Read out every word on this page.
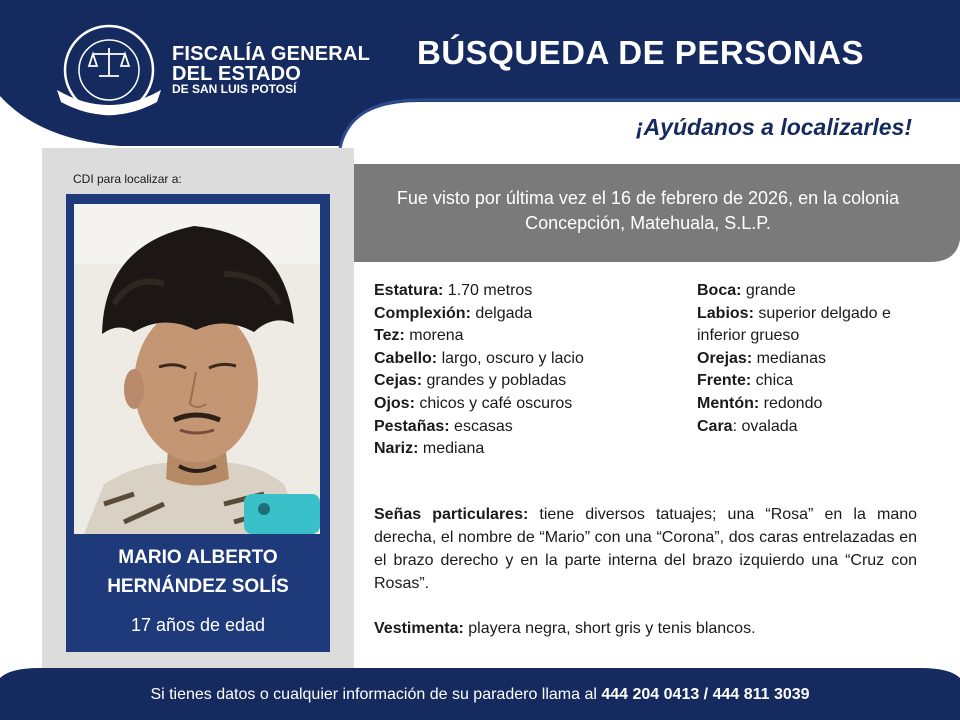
FISCALÍA GENERAL
DEL ESTADO
DE SAN LUIS POTOSÍ
BÚSQUEDA DE PERSONAS
¡Ayúdanos a localizarles!
CDI para localizar a:
MARIO ALBERTO
HERNÁNDEZ SOLÍS
17 años de edad
Fue visto por última vez el 16 de febrero de 2026, en la colonia Concepción, Matehuala, S.L.P.
Estatura: 1.70 metros
Complexión: delgada
Tez: morena
Cabello: largo, oscuro y lacio
Cejas: grandes y pobladas
Ojos: chicos y café oscuros
Pestañas: escasas
Nariz: mediana
Boca: grande
Labios: superior delgado e inferior grueso
Orejas: medianas
Frente: chica
Mentón: redondo
Cara: ovalada
Señas particulares: tiene diversos tatuajes; una “Rosa” en la mano derecha, el nombre de “Mario” con una “Corona”, dos caras entrelazadas en el brazo derecho y en la parte interna del brazo izquierdo una “Cruz con Rosas”.
Vestimenta: playera negra, short gris y tenis blancos.
Si tienes datos o cualquier información de su paradero llama al 444 204 0413 / 444 811 3039
